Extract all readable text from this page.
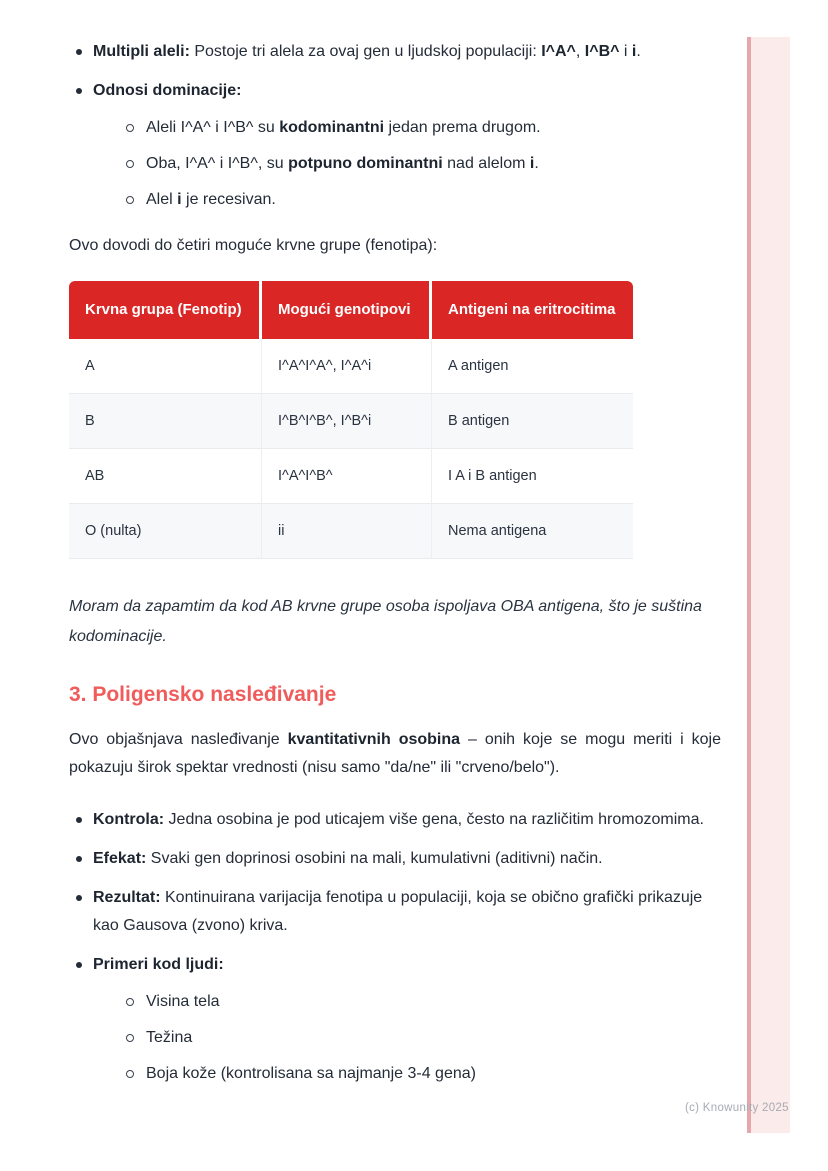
Multipli aleli: Postoje tri alela za ovaj gen u ljudskoj populaciji: I^A^, I^B^ i i.
Odnosi dominacije:
Aleli I^A^ i I^B^ su kodominantni jedan prema drugom.
Oba, I^A^ i I^B^, su potpuno dominantni nad alelom i.
Alel i je recesivan.

Ovo dovodi do četiri moguće krvne grupe (fenotipa):

Krvna grupa (Fenotip)	Mogući genotipovi	Antigeni na eritrocitima
A	I^A^I^A^, I^A^i	A antigen
B	I^B^I^B^, I^B^i	B antigen
AB	I^A^I^B^	I A i B antigen
O (nulta)	ii	Nema antigena

Moram da zapamtim da kod AB krvne grupe osoba ispoljava OBA antigena, što je suština kodominacije.

3. Poligensko nasleđivanje

Ovo objašnjava nasleđivanje kvantitativnih osobina – onih koje se mogu meriti i koje pokazuju širok spektar vrednosti (nisu samo "da/ne" ili "crveno/belo").

Kontrola: Jedna osobina je pod uticajem više gena, često na različitim hromozomima.
Efekat: Svaki gen doprinosi osobini na mali, kumulativni (aditivni) način.
Rezultat: Kontinuirana varijacija fenotipa u populaciji, koja se obično grafički prikazuje kao Gausova (zvono) kriva.
Primeri kod ljudi:
Visina tela
Težina
Boja kože (kontrolisana sa najmanje 3-4 gena)
(c) Knowunity 2025
